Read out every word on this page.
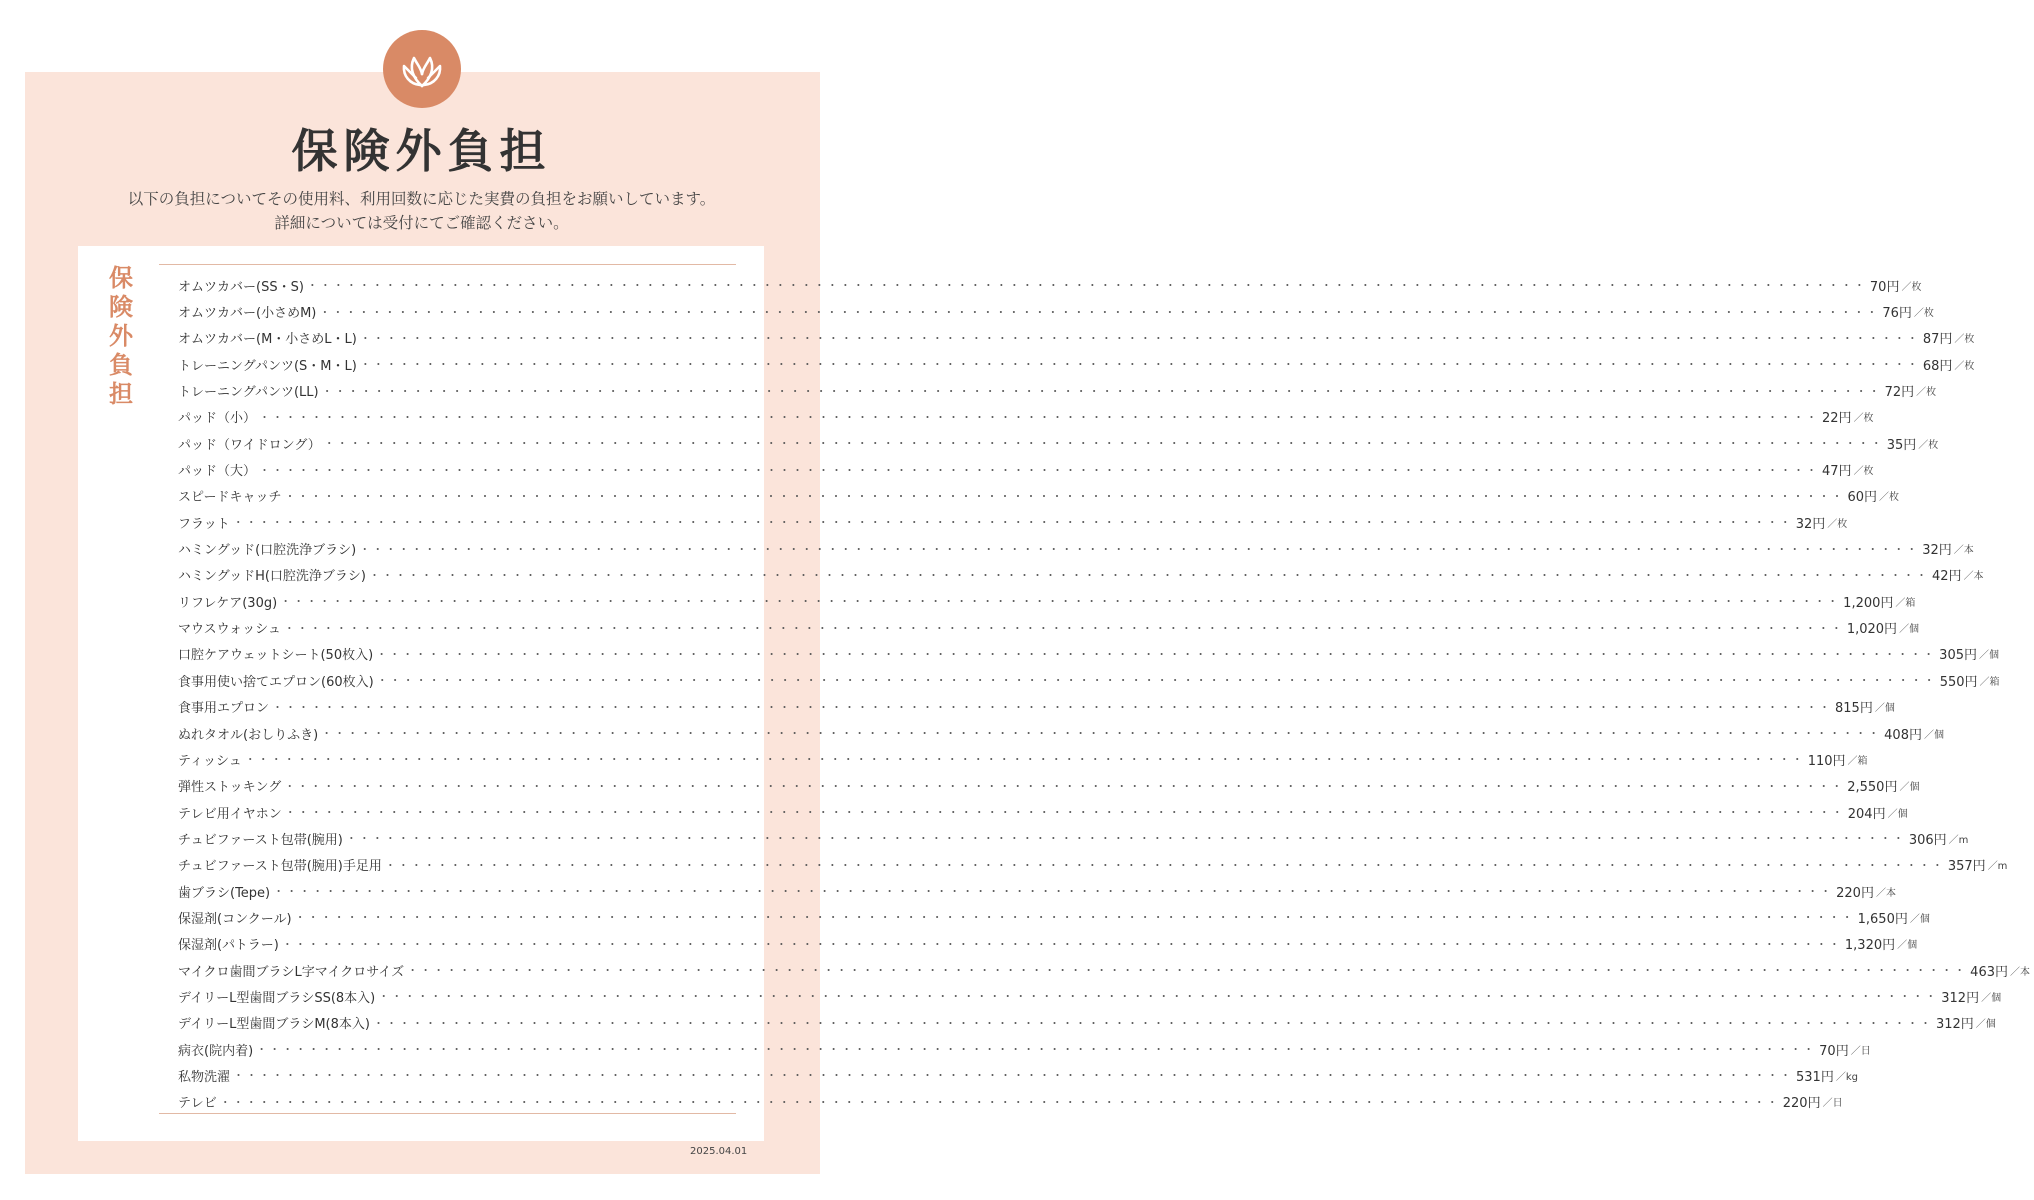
保険外負担
以下の負担についてその使用料、利用回数に応じた実費の負担をお願いしています。
詳細については受付にてご確認ください。
保
険
外
負
担
オムツカバー(SS・S) ・・・・・・・・・・・・・・・・・・・・・・・・・・・・・・・・・・・・・・・・・・・・・・・・・・・・・・・・・・・・・・・・・・・・・・・・・・・・・・・・・・・・・・・・・・・・・・・・・・・・・・・・・・・・・・・・・・・・・・・・ 70円 ／枚
オムツカバー(小さめM) ・・・・・・・・・・・・・・・・・・・・・・・・・・・・・・・・・・・・・・・・・・・・・・・・・・・・・・・・・・・・・・・・・・・・・・・・・・・・・・・・・・・・・・・・・・・・・・・・・・・・・・・・・・・・・・・・・・・・・・・・ 76円 ／枚
オムツカバー(M・小さめL・L) ・・・・・・・・・・・・・・・・・・・・・・・・・・・・・・・・・・・・・・・・・・・・・・・・・・・・・・・・・・・・・・・・・・・・・・・・・・・・・・・・・・・・・・・・・・・・・・・・・・・・・・・・・・・・・・・・・・・・・・・・ 87円 ／枚
トレーニングパンツ(S・M・L) ・・・・・・・・・・・・・・・・・・・・・・・・・・・・・・・・・・・・・・・・・・・・・・・・・・・・・・・・・・・・・・・・・・・・・・・・・・・・・・・・・・・・・・・・・・・・・・・・・・・・・・・・・・・・・・・・・・・・・・・・ 68円 ／枚
トレーニングパンツ(LL) ・・・・・・・・・・・・・・・・・・・・・・・・・・・・・・・・・・・・・・・・・・・・・・・・・・・・・・・・・・・・・・・・・・・・・・・・・・・・・・・・・・・・・・・・・・・・・・・・・・・・・・・・・・・・・・・・・・・・・・・・ 72円 ／枚
パッド（小） ・・・・・・・・・・・・・・・・・・・・・・・・・・・・・・・・・・・・・・・・・・・・・・・・・・・・・・・・・・・・・・・・・・・・・・・・・・・・・・・・・・・・・・・・・・・・・・・・・・・・・・・・・・・・・・・・・・・・・・・・ 22円 ／枚
パッド（ワイドロング） ・・・・・・・・・・・・・・・・・・・・・・・・・・・・・・・・・・・・・・・・・・・・・・・・・・・・・・・・・・・・・・・・・・・・・・・・・・・・・・・・・・・・・・・・・・・・・・・・・・・・・・・・・・・・・・・・・・・・・・・・ 35円 ／枚
パッド（大） ・・・・・・・・・・・・・・・・・・・・・・・・・・・・・・・・・・・・・・・・・・・・・・・・・・・・・・・・・・・・・・・・・・・・・・・・・・・・・・・・・・・・・・・・・・・・・・・・・・・・・・・・・・・・・・・・・・・・・・・・ 47円 ／枚
スピードキャッチ ・・・・・・・・・・・・・・・・・・・・・・・・・・・・・・・・・・・・・・・・・・・・・・・・・・・・・・・・・・・・・・・・・・・・・・・・・・・・・・・・・・・・・・・・・・・・・・・・・・・・・・・・・・・・・・・・・・・・・・・・ 60円 ／枚
フラット ・・・・・・・・・・・・・・・・・・・・・・・・・・・・・・・・・・・・・・・・・・・・・・・・・・・・・・・・・・・・・・・・・・・・・・・・・・・・・・・・・・・・・・・・・・・・・・・・・・・・・・・・・・・・・・・・・・・・・・・・ 32円 ／枚
ハミングッド(口腔洗浄ブラシ) ・・・・・・・・・・・・・・・・・・・・・・・・・・・・・・・・・・・・・・・・・・・・・・・・・・・・・・・・・・・・・・・・・・・・・・・・・・・・・・・・・・・・・・・・・・・・・・・・・・・・・・・・・・・・・・・・・・・・・・・・ 32円 ／本
ハミングッドH(口腔洗浄ブラシ) ・・・・・・・・・・・・・・・・・・・・・・・・・・・・・・・・・・・・・・・・・・・・・・・・・・・・・・・・・・・・・・・・・・・・・・・・・・・・・・・・・・・・・・・・・・・・・・・・・・・・・・・・・・・・・・・・・・・・・・・・ 42円 ／本
リフレケア(30g) ・・・・・・・・・・・・・・・・・・・・・・・・・・・・・・・・・・・・・・・・・・・・・・・・・・・・・・・・・・・・・・・・・・・・・・・・・・・・・・・・・・・・・・・・・・・・・・・・・・・・・・・・・・・・・・・・・・・・・・・・ 1,200円 ／箱
マウスウォッシュ ・・・・・・・・・・・・・・・・・・・・・・・・・・・・・・・・・・・・・・・・・・・・・・・・・・・・・・・・・・・・・・・・・・・・・・・・・・・・・・・・・・・・・・・・・・・・・・・・・・・・・・・・・・・・・・・・・・・・・・・・ 1,020円 ／個
口腔ケアウェットシート(50枚入) ・・・・・・・・・・・・・・・・・・・・・・・・・・・・・・・・・・・・・・・・・・・・・・・・・・・・・・・・・・・・・・・・・・・・・・・・・・・・・・・・・・・・・・・・・・・・・・・・・・・・・・・・・・・・・・・・・・・・・・・・ 305円 ／個
食事用使い捨てエプロン(60枚入) ・・・・・・・・・・・・・・・・・・・・・・・・・・・・・・・・・・・・・・・・・・・・・・・・・・・・・・・・・・・・・・・・・・・・・・・・・・・・・・・・・・・・・・・・・・・・・・・・・・・・・・・・・・・・・・・・・・・・・・・・ 550円 ／箱
食事用エプロン ・・・・・・・・・・・・・・・・・・・・・・・・・・・・・・・・・・・・・・・・・・・・・・・・・・・・・・・・・・・・・・・・・・・・・・・・・・・・・・・・・・・・・・・・・・・・・・・・・・・・・・・・・・・・・・・・・・・・・・・・ 815円 ／個
ぬれタオル(おしりふき) ・・・・・・・・・・・・・・・・・・・・・・・・・・・・・・・・・・・・・・・・・・・・・・・・・・・・・・・・・・・・・・・・・・・・・・・・・・・・・・・・・・・・・・・・・・・・・・・・・・・・・・・・・・・・・・・・・・・・・・・・ 408円 ／個
ティッシュ ・・・・・・・・・・・・・・・・・・・・・・・・・・・・・・・・・・・・・・・・・・・・・・・・・・・・・・・・・・・・・・・・・・・・・・・・・・・・・・・・・・・・・・・・・・・・・・・・・・・・・・・・・・・・・・・・・・・・・・・・ 110円 ／箱
弾性ストッキング ・・・・・・・・・・・・・・・・・・・・・・・・・・・・・・・・・・・・・・・・・・・・・・・・・・・・・・・・・・・・・・・・・・・・・・・・・・・・・・・・・・・・・・・・・・・・・・・・・・・・・・・・・・・・・・・・・・・・・・・・ 2,550円 ／個
テレビ用イヤホン ・・・・・・・・・・・・・・・・・・・・・・・・・・・・・・・・・・・・・・・・・・・・・・・・・・・・・・・・・・・・・・・・・・・・・・・・・・・・・・・・・・・・・・・・・・・・・・・・・・・・・・・・・・・・・・・・・・・・・・・・ 204円 ／個
チュビファースト包帯(腕用) ・・・・・・・・・・・・・・・・・・・・・・・・・・・・・・・・・・・・・・・・・・・・・・・・・・・・・・・・・・・・・・・・・・・・・・・・・・・・・・・・・・・・・・・・・・・・・・・・・・・・・・・・・・・・・・・・・・・・・・・・ 306円 ／m
チュビファースト包帯(腕用)手足用 ・・・・・・・・・・・・・・・・・・・・・・・・・・・・・・・・・・・・・・・・・・・・・・・・・・・・・・・・・・・・・・・・・・・・・・・・・・・・・・・・・・・・・・・・・・・・・・・・・・・・・・・・・・・・・・・・・・・・・・・・ 357円 ／m
歯ブラシ(Tepe) ・・・・・・・・・・・・・・・・・・・・・・・・・・・・・・・・・・・・・・・・・・・・・・・・・・・・・・・・・・・・・・・・・・・・・・・・・・・・・・・・・・・・・・・・・・・・・・・・・・・・・・・・・・・・・・・・・・・・・・・・ 220円 ／本
保湿剤(コンクール) ・・・・・・・・・・・・・・・・・・・・・・・・・・・・・・・・・・・・・・・・・・・・・・・・・・・・・・・・・・・・・・・・・・・・・・・・・・・・・・・・・・・・・・・・・・・・・・・・・・・・・・・・・・・・・・・・・・・・・・・・ 1,650円 ／個
保湿剤(パトラー) ・・・・・・・・・・・・・・・・・・・・・・・・・・・・・・・・・・・・・・・・・・・・・・・・・・・・・・・・・・・・・・・・・・・・・・・・・・・・・・・・・・・・・・・・・・・・・・・・・・・・・・・・・・・・・・・・・・・・・・・・ 1,320円 ／個
マイクロ歯間ブラシL字マイクロサイズ ・・・・・・・・・・・・・・・・・・・・・・・・・・・・・・・・・・・・・・・・・・・・・・・・・・・・・・・・・・・・・・・・・・・・・・・・・・・・・・・・・・・・・・・・・・・・・・・・・・・・・・・・・・・・・・・・・・・・・・・・ 463円 ／本
デイリーL型歯間ブラシSS(8本入) ・・・・・・・・・・・・・・・・・・・・・・・・・・・・・・・・・・・・・・・・・・・・・・・・・・・・・・・・・・・・・・・・・・・・・・・・・・・・・・・・・・・・・・・・・・・・・・・・・・・・・・・・・・・・・・・・・・・・・・・・ 312円 ／個
デイリーL型歯間ブラシM(8本入) ・・・・・・・・・・・・・・・・・・・・・・・・・・・・・・・・・・・・・・・・・・・・・・・・・・・・・・・・・・・・・・・・・・・・・・・・・・・・・・・・・・・・・・・・・・・・・・・・・・・・・・・・・・・・・・・・・・・・・・・・ 312円 ／個
病衣(院内着) ・・・・・・・・・・・・・・・・・・・・・・・・・・・・・・・・・・・・・・・・・・・・・・・・・・・・・・・・・・・・・・・・・・・・・・・・・・・・・・・・・・・・・・・・・・・・・・・・・・・・・・・・・・・・・・・・・・・・・・・・ 70円 ／日
私物洗濯 ・・・・・・・・・・・・・・・・・・・・・・・・・・・・・・・・・・・・・・・・・・・・・・・・・・・・・・・・・・・・・・・・・・・・・・・・・・・・・・・・・・・・・・・・・・・・・・・・・・・・・・・・・・・・・・・・・・・・・・・・ 531円 ／kg
テレビ ・・・・・・・・・・・・・・・・・・・・・・・・・・・・・・・・・・・・・・・・・・・・・・・・・・・・・・・・・・・・・・・・・・・・・・・・・・・・・・・・・・・・・・・・・・・・・・・・・・・・・・・・・・・・・・・・・・・・・・・・ 220円 ／日
2025.04.01
